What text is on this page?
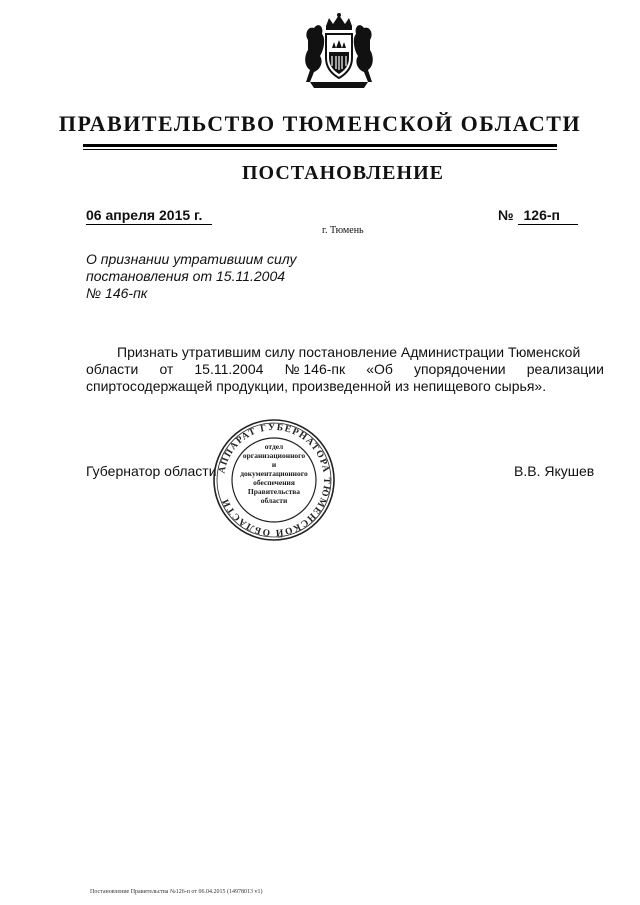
ПРАВИТЕЛЬСТВО ТЮМЕНСКОЙ ОБЛАСТИ
ПОСТАНОВЛЕНИЕ
06 апреля 2015 г.	№ 126-п
г. Тюмень
О признании утратившим силу
постановления от 15.11.2004
№ 146-пк
Признать утратившим силу постановление Администрации Тюменской
области от 15.11.2004 № 146-пк «Об упорядочении реализации
спиртосодержащей продукции, произведенной из непищевого сырья».
Губернатор области	В.В. Якушев
АППАРАТ ГУБЕРНАТОРА ТЮМЕНСКОЙ ОБЛАСТИ
отдел
организационного
и
документационного
обеспечения
Правительства
области
Постановление Правительства №126-п от 06.04.2015 (14978013 v1)
